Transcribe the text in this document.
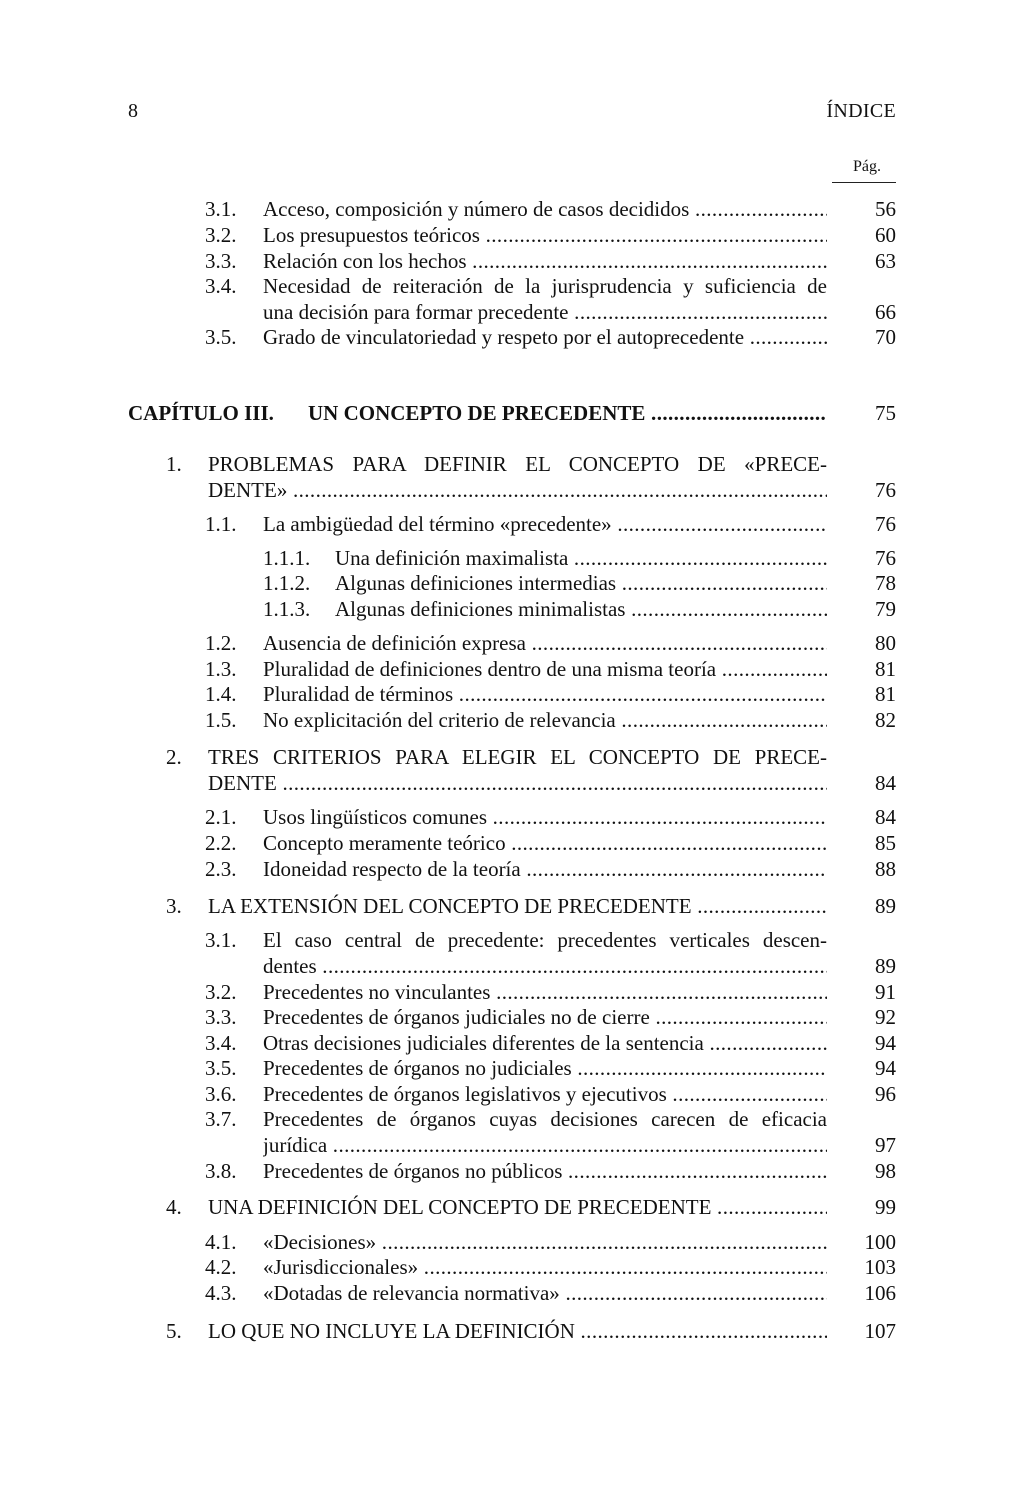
8	ÍNDICE
Pág.
3.1. Acceso, composición y número de casos decididos .....	56
3.2. Los presupuestos teóricos .....	60
3.3. Relación con los hechos .....	63
3.4. Necesidad de reiteración de la jurisprudencia y suficiencia de
una decisión para formar precedente .....	66
3.5. Grado de vinculatoriedad y respeto por el autoprecedente .....	70
CAPÍTULO III. UN CONCEPTO DE PRECEDENTE .....	75
1. PROBLEMAS PARA DEFINIR EL CONCEPTO DE «PRECE-
DENTE» .....	76
1.1. La ambigüedad del término «precedente» .....	76
1.1.1. Una definición maximalista .....	76
1.1.2. Algunas definiciones intermedias .....	78
1.1.3. Algunas definiciones minimalistas .....	79
1.2. Ausencia de definición expresa .....	80
1.3. Pluralidad de definiciones dentro de una misma teoría .....	81
1.4. Pluralidad de términos .....	81
1.5. No explicitación del criterio de relevancia .....	82
2. TRES CRITERIOS PARA ELEGIR EL CONCEPTO DE PRECE-
DENTE .....	84
2.1. Usos lingüísticos comunes .....	84
2.2. Concepto meramente teórico .....	85
2.3. Idoneidad respecto de la teoría .....	88
3. LA EXTENSIÓN DEL CONCEPTO DE PRECEDENTE .....	89
3.1. El caso central de precedente: precedentes verticales descen-
dentes .....	89
3.2. Precedentes no vinculantes .....	91
3.3. Precedentes de órganos judiciales no de cierre .....	92
3.4. Otras decisiones judiciales diferentes de la sentencia .....	94
3.5. Precedentes de órganos no judiciales .....	94
3.6. Precedentes de órganos legislativos y ejecutivos .....	96
3.7. Precedentes de órganos cuyas decisiones carecen de eficacia
jurídica .....	97
3.8. Precedentes de órganos no públicos .....	98
4. UNA DEFINICIÓN DEL CONCEPTO DE PRECEDENTE .....	99
4.1. «Decisiones» .....	100
4.2. «Jurisdiccionales» .....	103
4.3. «Dotadas de relevancia normativa» .....	106
5. LO QUE NO INCLUYE LA DEFINICIÓN .....	107
